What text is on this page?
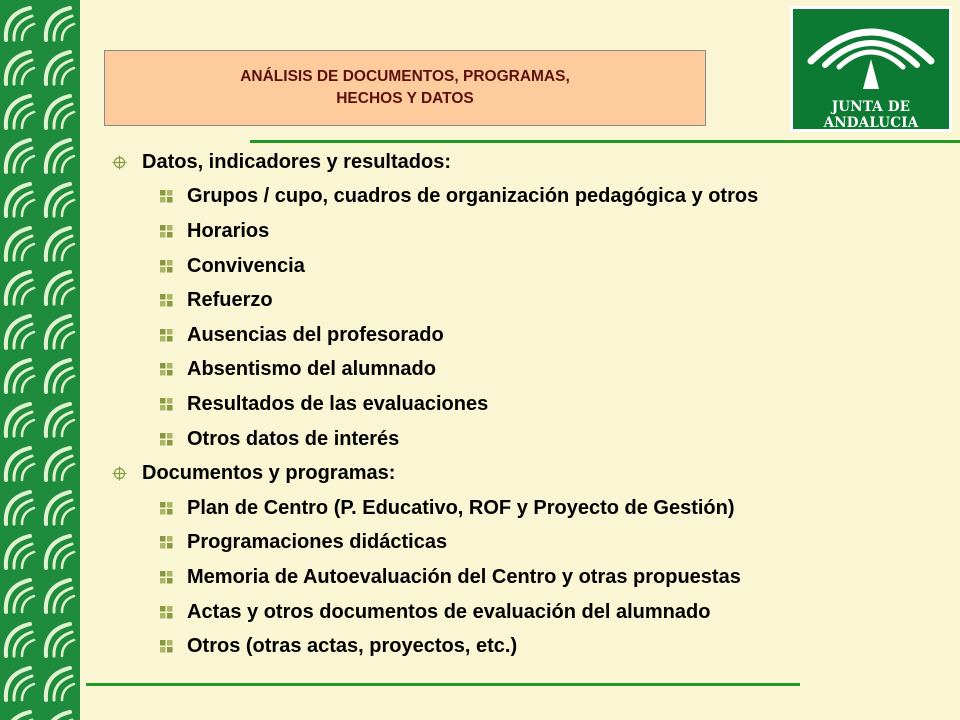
ANÁLISIS DE DOCUMENTOS, PROGRAMAS,
HECHOS Y DATOS	JUNTA DE ANDALUCIA
Datos, indicadores y resultados:
Grupos / cupo, cuadros de organización pedagógica y otros
Horarios
Convivencia
Refuerzo
Ausencias del profesorado
Absentismo del alumnado
Resultados de las evaluaciones
Otros datos de interés
Documentos y programas:
Plan de Centro (P. Educativo, ROF y Proyecto de Gestión)
Programaciones didácticas
Memoria de Autoevaluación del Centro y otras propuestas
Actas y otros documentos de evaluación del alumnado
Otros (otras actas, proyectos, etc.)
